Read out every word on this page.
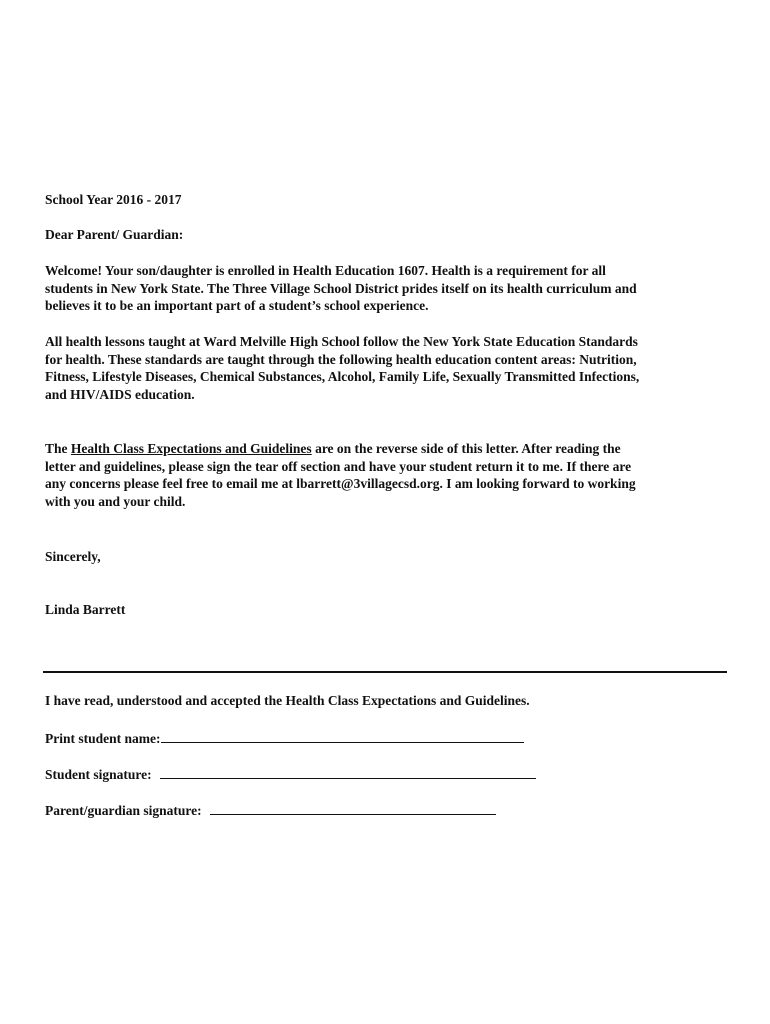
School Year 2016 - 2017
Dear Parent/ Guardian:
Welcome! Your son/daughter is enrolled in Health Education 1607. Health is a requirement for all
students in New York State. The Three Village School District prides itself on its health curriculum and
believes it to be an important part of a student’s school experience.
All health lessons taught at Ward Melville High School follow the New York State Education Standards
for health. These standards are taught through the following health education content areas: Nutrition,
Fitness, Lifestyle Diseases, Chemical Substances, Alcohol, Family Life, Sexually Transmitted Infections,
and HIV/AIDS education.
The Health Class Expectations and Guidelines are on the reverse side of this letter. After reading the
letter and guidelines, please sign the tear off section and have your student return it to me. If there are
any concerns please feel free to email me at lbarrett@3villagecsd.org. I am looking forward to working
with you and your child.
Sincerely,
Linda Barrett
I have read, understood and accepted the Health Class Expectations and Guidelines.
Print student name:
Student signature:
Parent/guardian signature:
